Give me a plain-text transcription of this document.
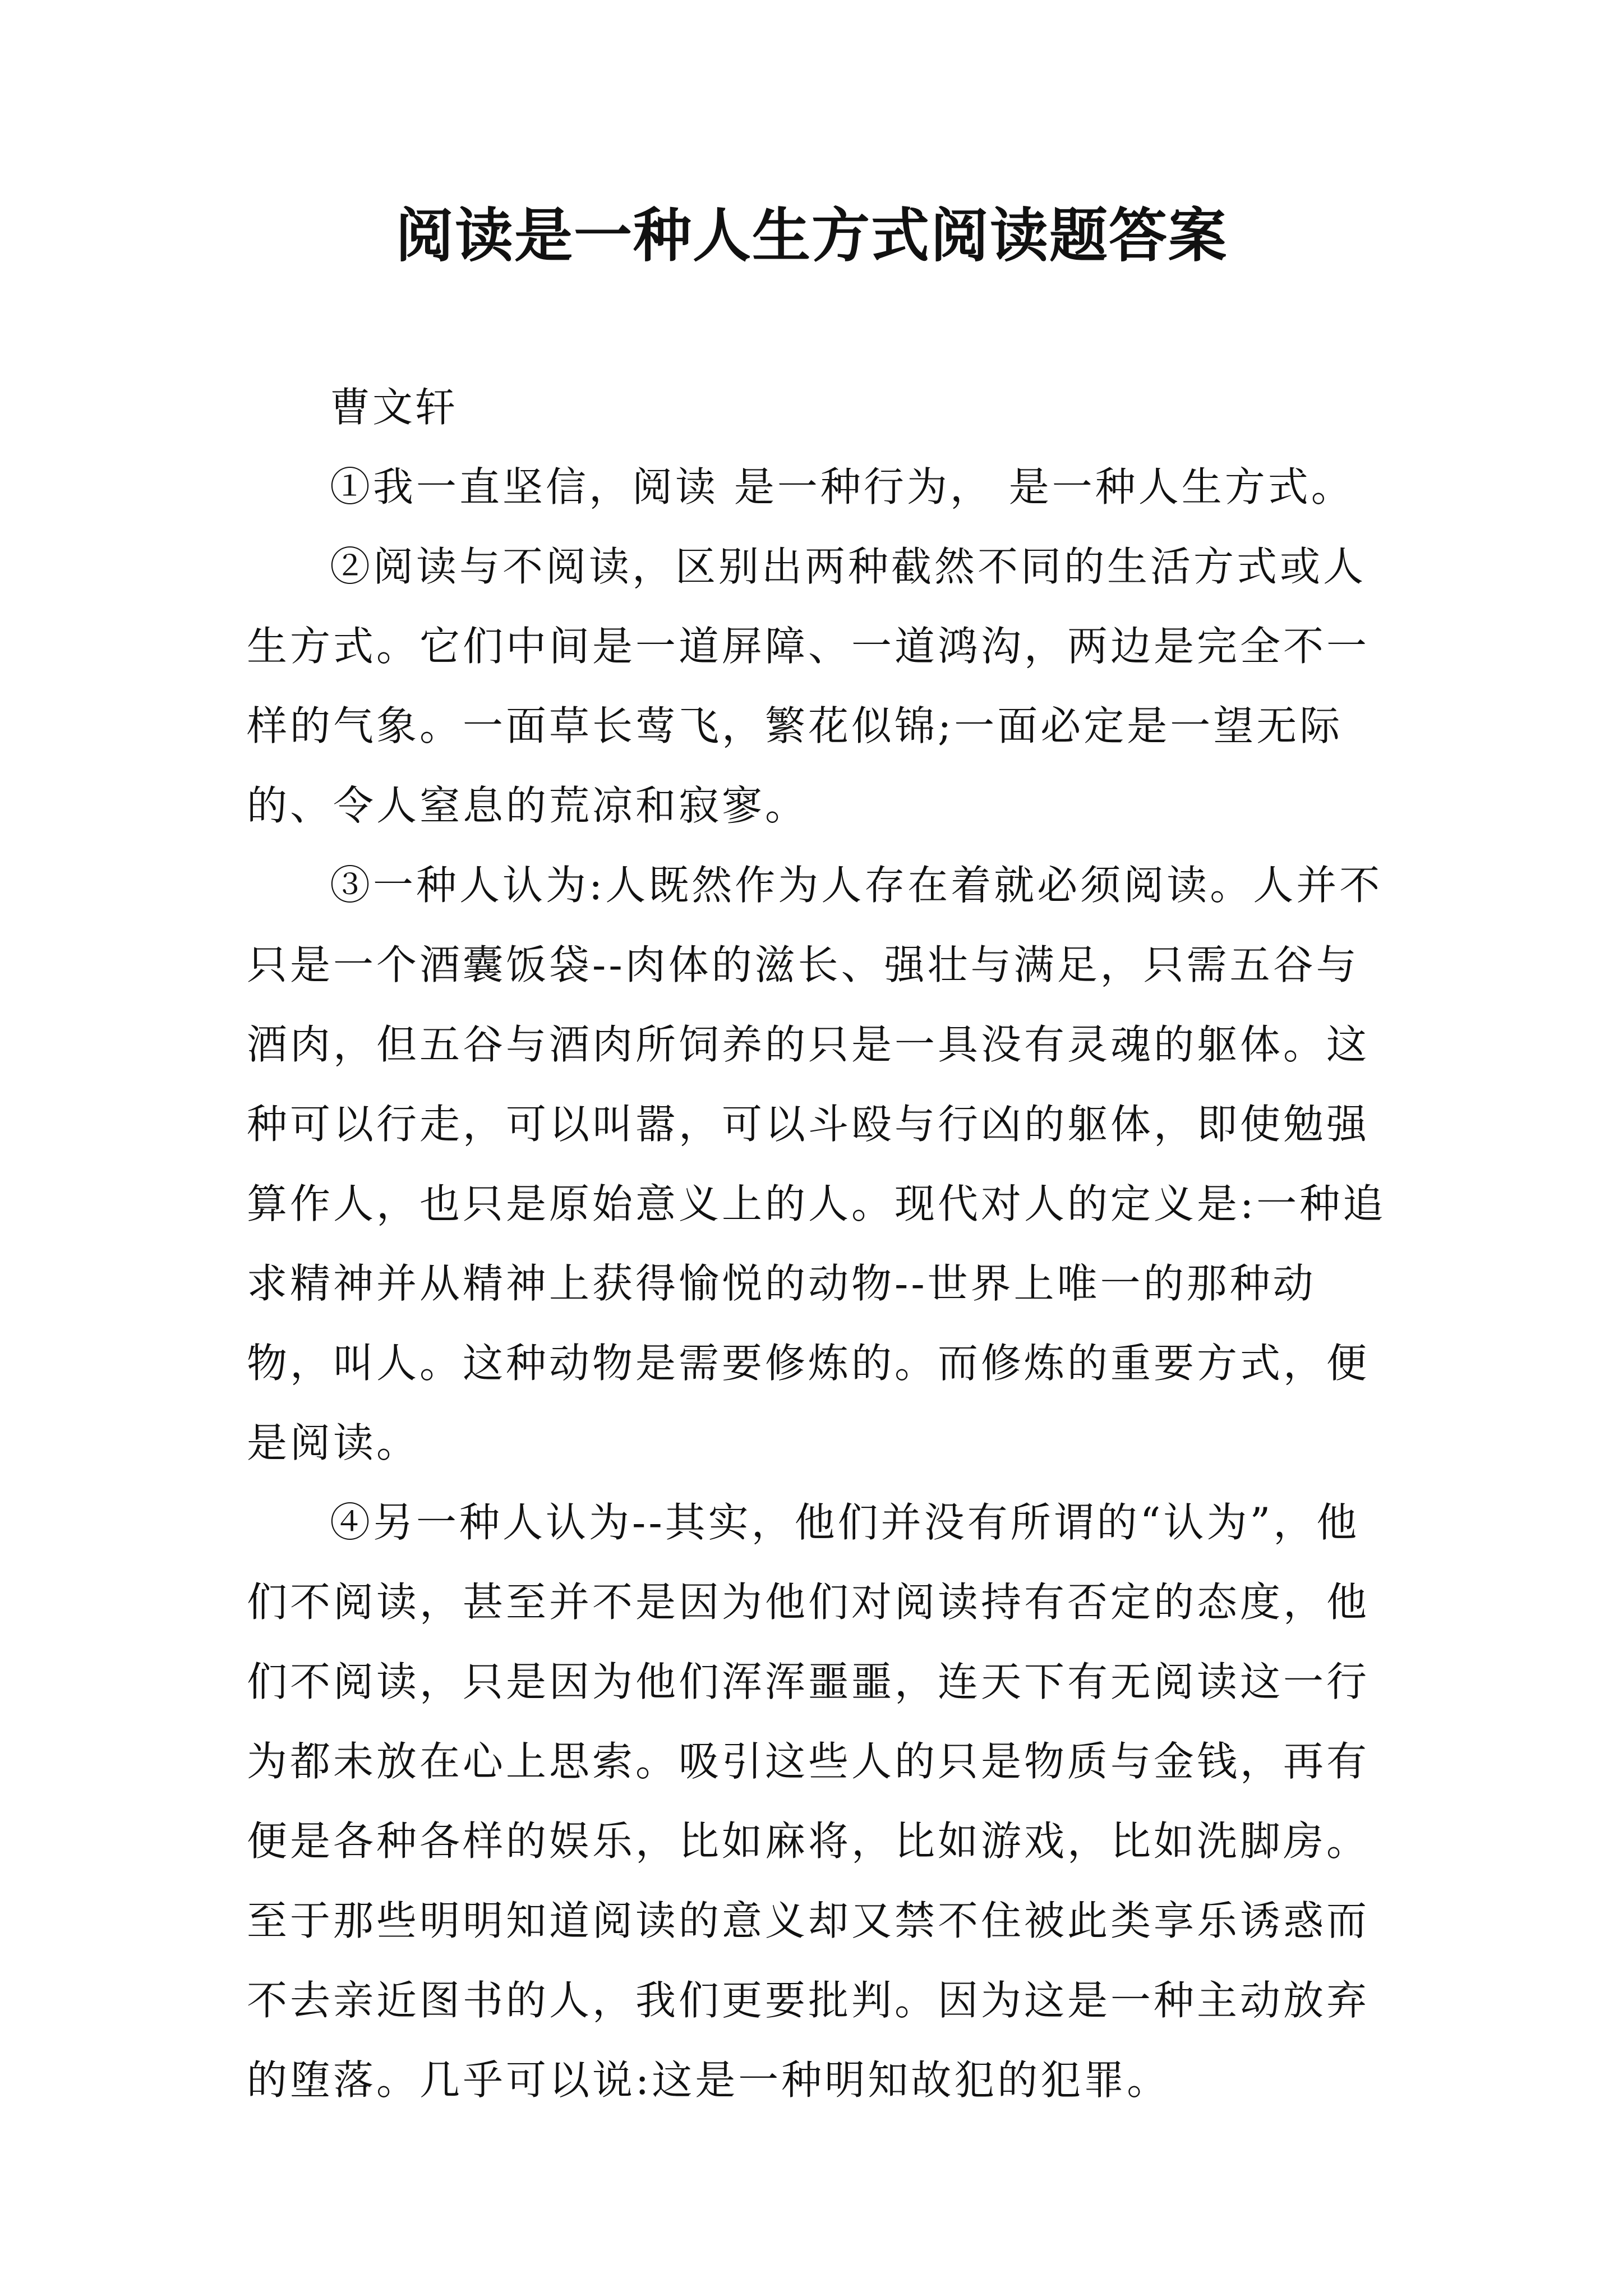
阅读是一种人生方式阅读题答案

曹文轩

①我一直坚信，阅读 是一种行为， 是一种人生方式。

②阅读与不阅读，区别出两种截然不同的生活方式或人生方式。它们中间是一道屏障、一道鸿沟，两边是完全不一样的气象。一面草长莺飞，繁花似锦;一面必定是一望无际的、令人窒息的荒凉和寂寥。

③一种人认为:人既然作为人存在着就必须阅读。人并不只是一个酒囊饭袋--肉体的滋长、强壮与满足，只需五谷与酒肉，但五谷与酒肉所饲养的只是一具没有灵魂的躯体。这种可以行走，可以叫嚣，可以斗殴与行凶的躯体，即使勉强算作人，也只是原始意义上的人。现代对人的定义是:一种追求精神并从精神上获得愉悦的动物--世界上唯一的那种动物，叫人。这种动物是需要修炼的。而修炼的重要方式，便是阅读。

④另一种人认为--其实，他们并没有所谓的“认为”，他们不阅读，甚至并不是因为他们对阅读持有否定的态度，他们不阅读，只是因为他们浑浑噩噩，连天下有无阅读这一行为都未放在心上思索。吸引这些人的只是物质与金钱，再有便是各种各样的娱乐，比如麻将，比如游戏，比如洗脚房。至于那些明明知道阅读的意义却又禁不住被此类享乐诱惑而不去亲近图书的人，我们更要批判。因为这是一种主动放弃的堕落。几乎可以说:这是一种明知故犯的犯罪。
